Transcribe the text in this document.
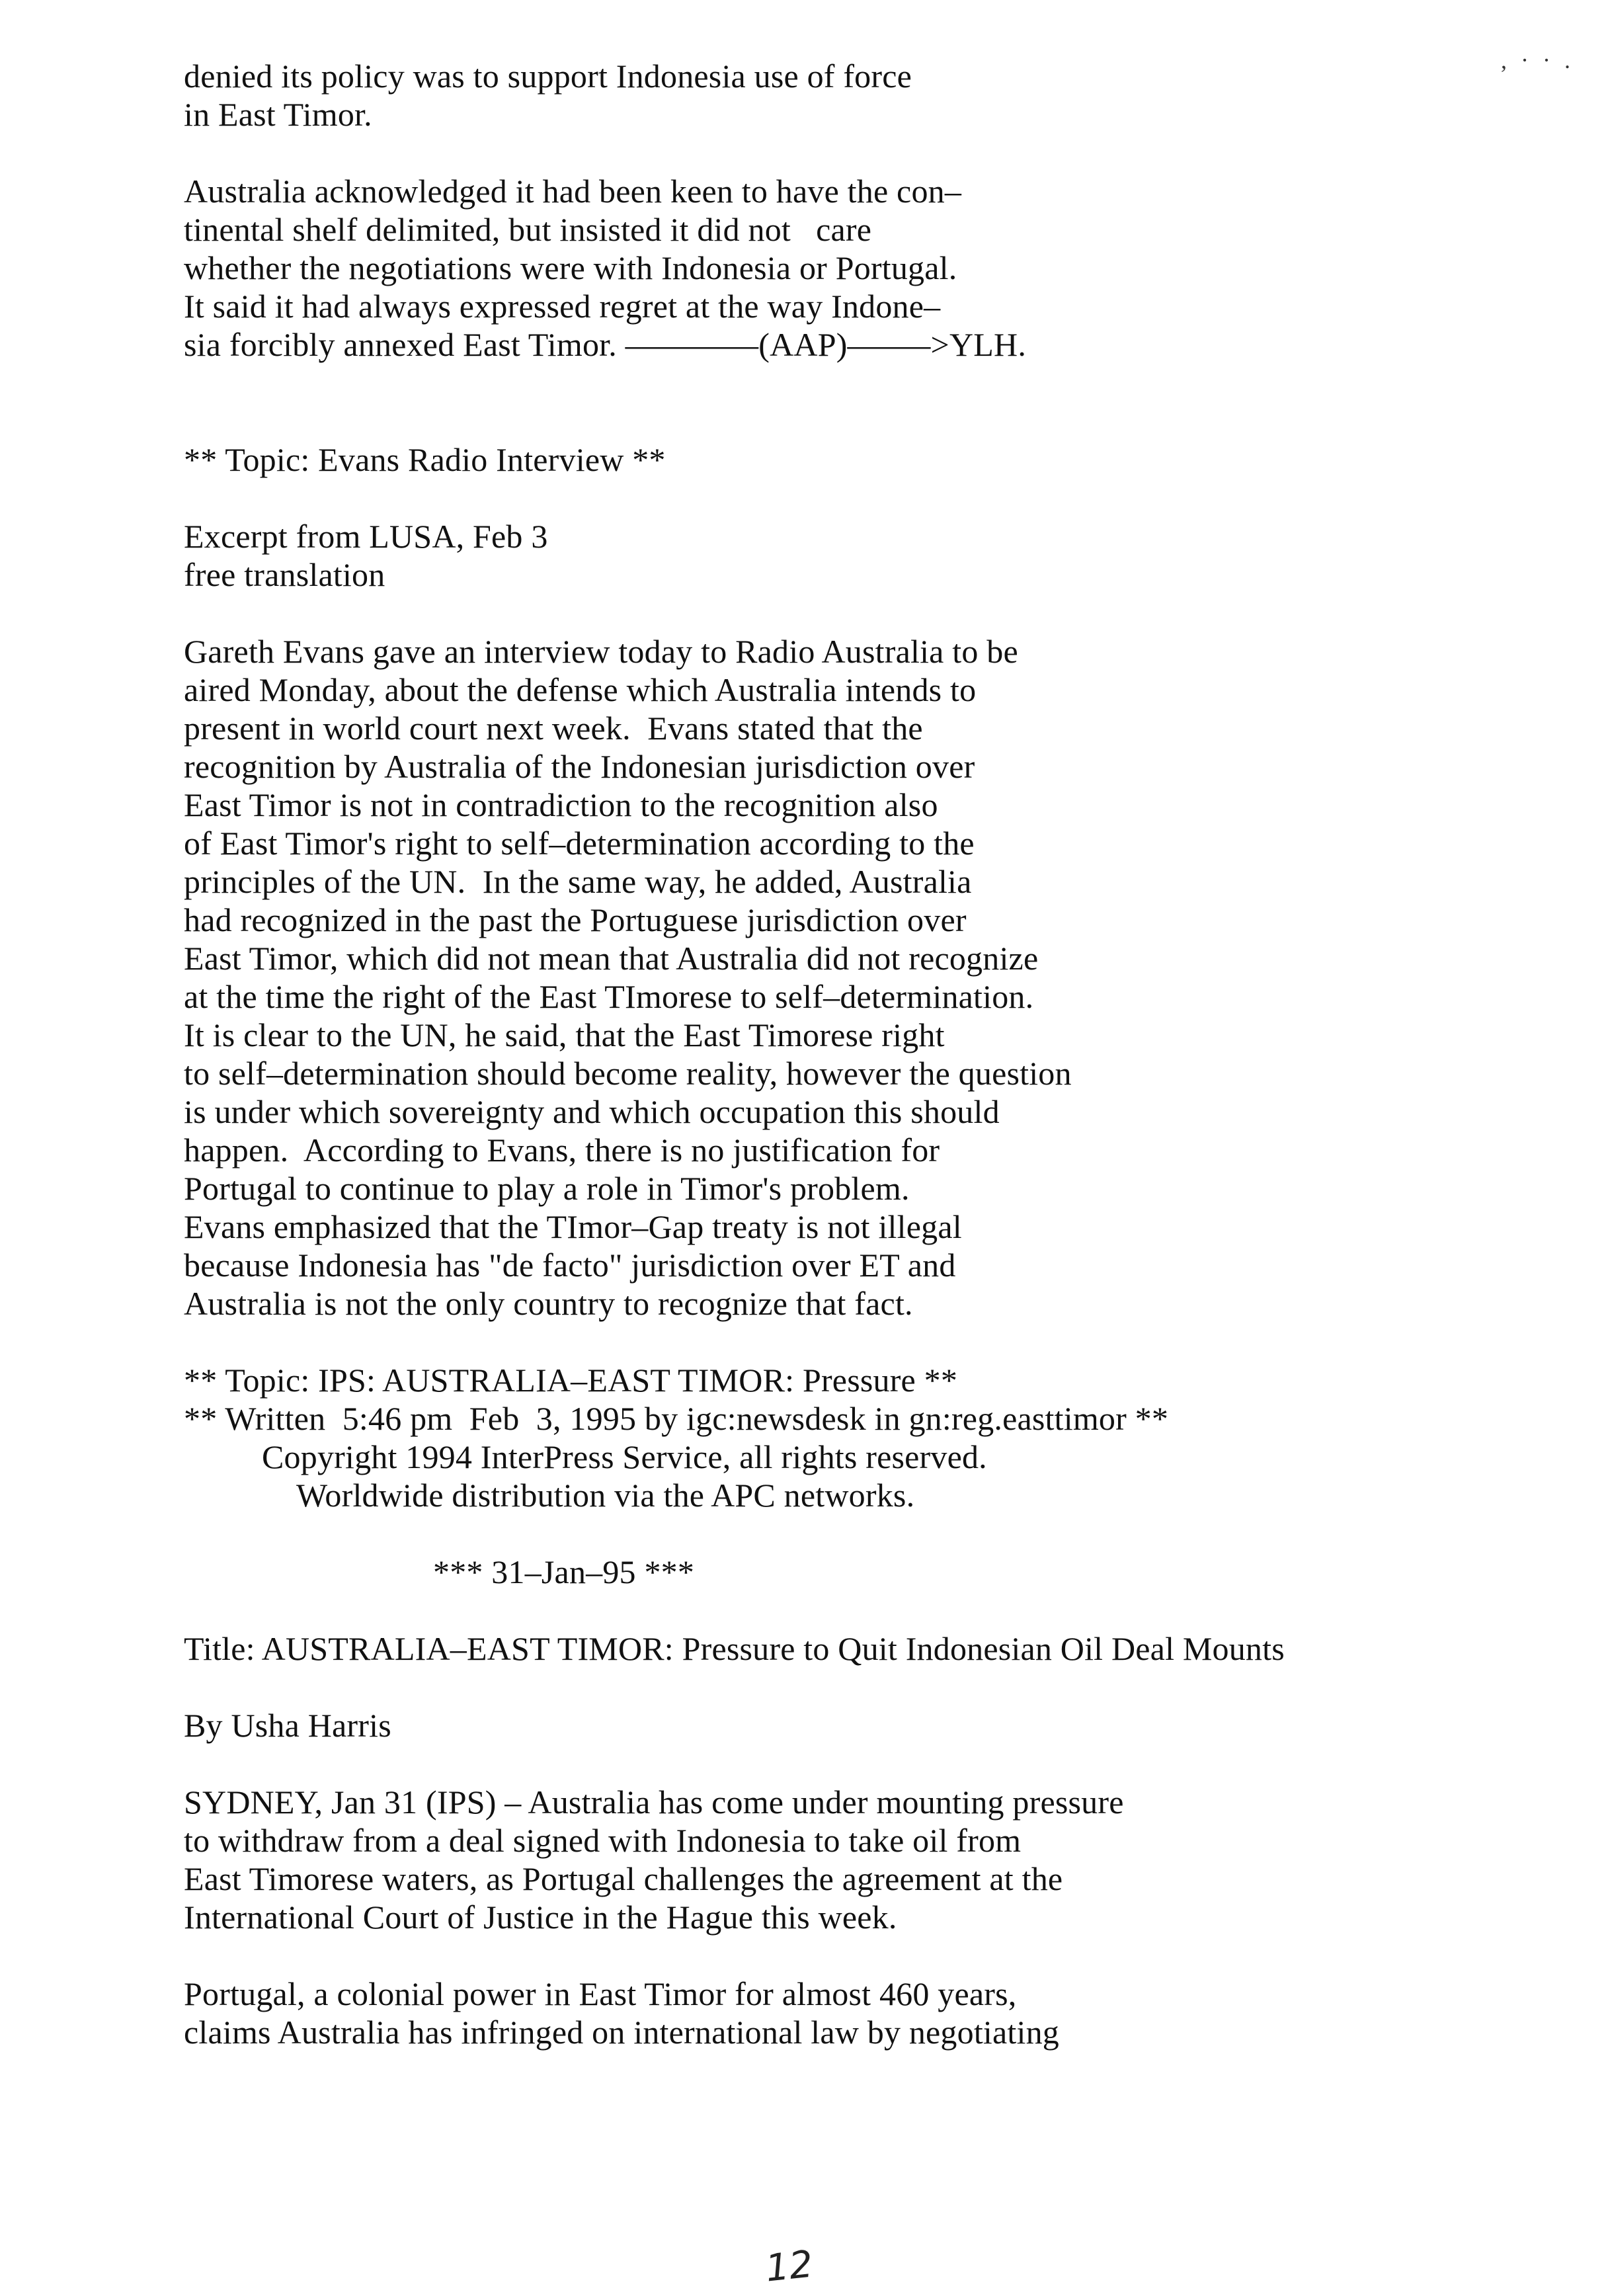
, · · .
denied its policy was to support Indonesia use of force
in East Timor.
Australia acknowledged it had been keen to have the con–
tinental shelf delimited, but insisted it did not   care
whether the negotiations were with Indonesia or Portugal.
It said it had always expressed regret at the way Indone–
sia forcibly annexed East Timor. ––––––––(AAP)–––––>YLH.
** Topic: Evans Radio Interview **
Excerpt from LUSA, Feb 3
free translation
Gareth Evans gave an interview today to Radio Australia to be
aired Monday, about the defense which Australia intends to
present in world court next week.  Evans stated that the
recognition by Australia of the Indonesian jurisdiction over
East Timor is not in contradiction to the recognition also
of East Timor's right to self–determination according to the
principles of the UN.  In the same way, he added, Australia
had recognized in the past the Portuguese jurisdiction over
East Timor, which did not mean that Australia did not recognize
at the time the right of the East TImorese to self–determination.
It is clear to the UN, he said, that the East Timorese right
to self–determination should become reality, however the question
is under which sovereignty and which occupation this should
happen.  According to Evans, there is no justification for
Portugal to continue to play a role in Timor's problem.
Evans emphasized that the TImor–Gap treaty is not illegal
because Indonesia has "de facto" jurisdiction over ET and
Australia is not the only country to recognize that fact.
** Topic: IPS: AUSTRALIA–EAST TIMOR: Pressure **
** Written  5:46 pm  Feb  3, 1995 by igc:newsdesk in gn:reg.easttimor **
Copyright 1994 InterPress Service, all rights reserved.
Worldwide distribution via the APC networks.
*** 31–Jan–95 ***
Title: AUSTRALIA–EAST TIMOR: Pressure to Quit Indonesian Oil Deal Mounts
By Usha Harris
SYDNEY, Jan 31 (IPS) – Australia has come under mounting pressure
to withdraw from a deal signed with Indonesia to take oil from
East Timorese waters, as Portugal challenges the agreement at the
International Court of Justice in the Hague this week.
Portugal, a colonial power in East Timor for almost 460 years,
claims Australia has infringed on international law by negotiating
12
